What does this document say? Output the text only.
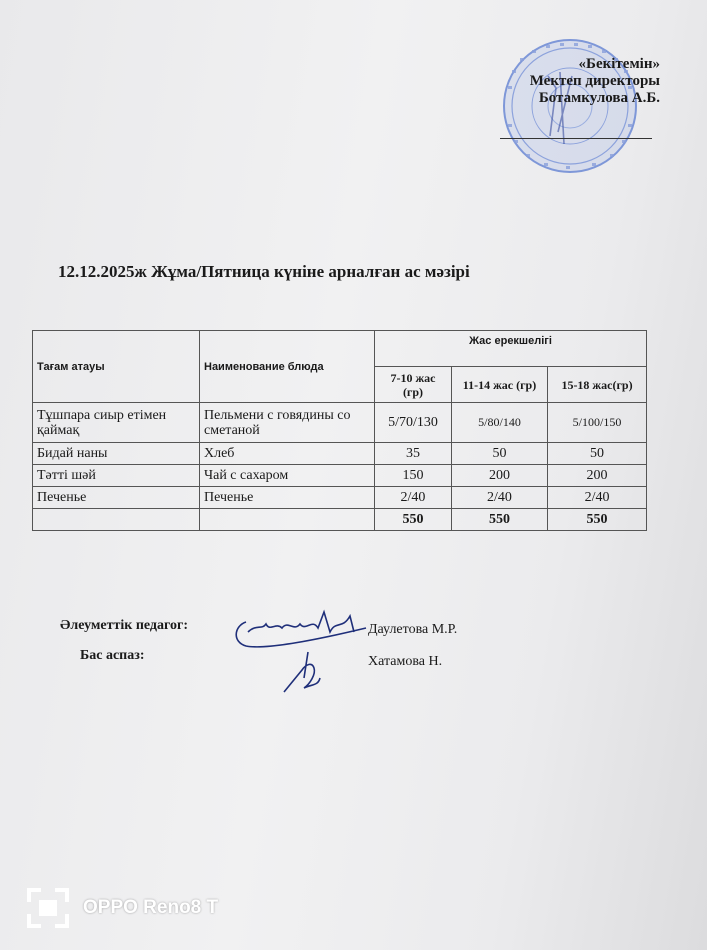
«Бекітемін»
Мектеп директоры
Ботамкулова А.Б.
12.12.2025ж Жұма/Пятница күніне арналған ас мәзірі
Тағам атауы	Наименование блюда	Жас ерекшелігі		
		7-10 жас (гр)	11-14 жас (гр)	15-18 жас(гр)
Тұшпара сиыр етімен қаймақ	Пельмени с говядины со сметаной	5/70/130	5/80/140	5/100/150
Бидай наны	Хлеб	35	50	50
Тәтті шәй	Чай с сахаром	150	200	200
Печенье	Печенье	2/40	2/40	2/40
		550	550	550
Әлеуметтік педагог:	Даулетова М.Р.
Бас аспаз:	Хатамова Н.
OPPO Reno8 T
